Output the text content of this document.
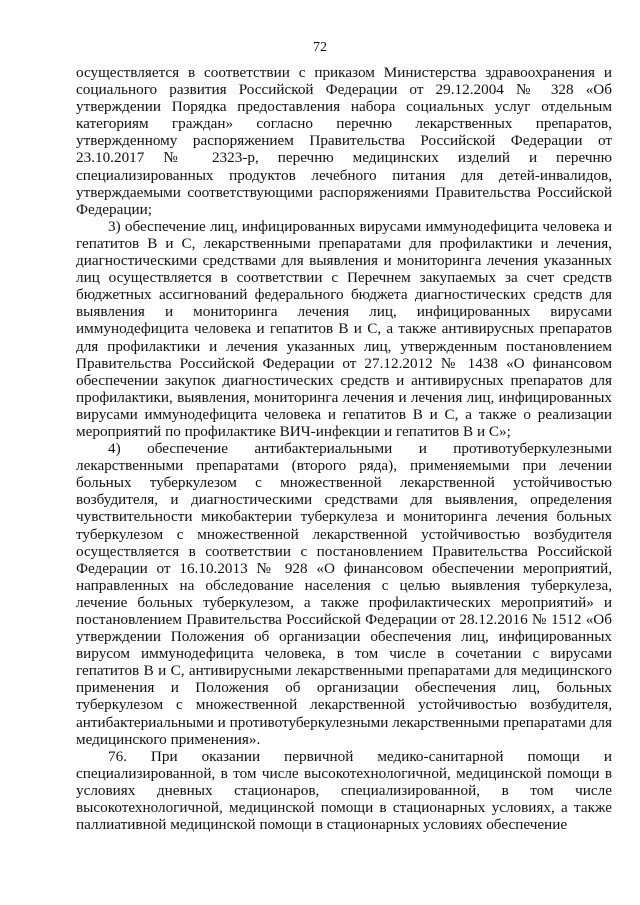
72

осуществляется в соответствии с приказом Министерства здравоохранения и социального развития Российской Федерации от 29.12.2004 № 328 «Об утверждении Порядка предоставления набора социальных услуг отдельным категориям граждан» согласно перечню лекарственных препаратов, утвержденному распоряжением Правительства Российской Федерации от 23.10.2017 № 2323-р, перечню медицинских изделий и перечню специализированных продуктов лечебного питания для детей-инвалидов, утверждаемыми соответствующими распоряжениями Правительства Российской Федерации;

3) обеспечение лиц, инфицированных вирусами иммунодефицита человека и гепатитов B и C, лекарственными препаратами для профилактики и лечения, диагностическими средствами для выявления и мониторинга лечения указанных лиц осуществляется в соответствии с Перечнем закупаемых за счет средств бюджетных ассигнований федерального бюджета диагностических средств для выявления и мониторинга лечения лиц, инфицированных вирусами иммунодефицита человека и гепатитов B и C, а также антивирусных препаратов для профилактики и лечения указанных лиц, утвержденным постановлением Правительства Российской Федерации от 27.12.2012 № 1438 «О финансовом обеспечении закупок диагностических средств и антивирусных препаратов для профилактики, выявления, мониторинга лечения и лечения лиц, инфицированных вирусами иммунодефицита человека и гепатитов B и C, а также о реализации мероприятий по профилактике ВИЧ-инфекции и гепатитов B и C»;

4) обеспечение антибактериальными и противотуберкулезными лекарственными препаратами (второго ряда), применяемыми при лечении больных туберкулезом с множественной лекарственной устойчивостью возбудителя, и диагностическими средствами для выявления, определения чувствительности микобактерии туберкулеза и мониторинга лечения больных туберкулезом с множественной лекарственной устойчивостью возбудителя осуществляется в соответствии с постановлением Правительства Российской Федерации от 16.10.2013 № 928 «О финансовом обеспечении мероприятий, направленных на обследование населения с целью выявления туберкулеза, лечение больных туберкулезом, а также профилактических мероприятий» и постановлением Правительства Российской Федерации от 28.12.2016 № 1512 «Об утверждении Положения об организации обеспечения лиц, инфицированных вирусом иммунодефицита человека, в том числе в сочетании с вирусами гепатитов B и C, антивирусными лекарственными препаратами для медицинского применения и Положения об организации обеспечения лиц, больных туберкулезом с множественной лекарственной устойчивостью возбудителя, антибактериальными и противотуберкулезными лекарственными препаратами для медицинского применения».

76. При оказании первичной медико-санитарной помощи и специализированной, в том числе высокотехнологичной, медицинской помощи в условиях дневных стационаров, специализированной, в том числе высокотехнологичной, медицинской помощи в стационарных условиях, а также паллиативной медицинской помощи в стационарных условиях обеспечение
